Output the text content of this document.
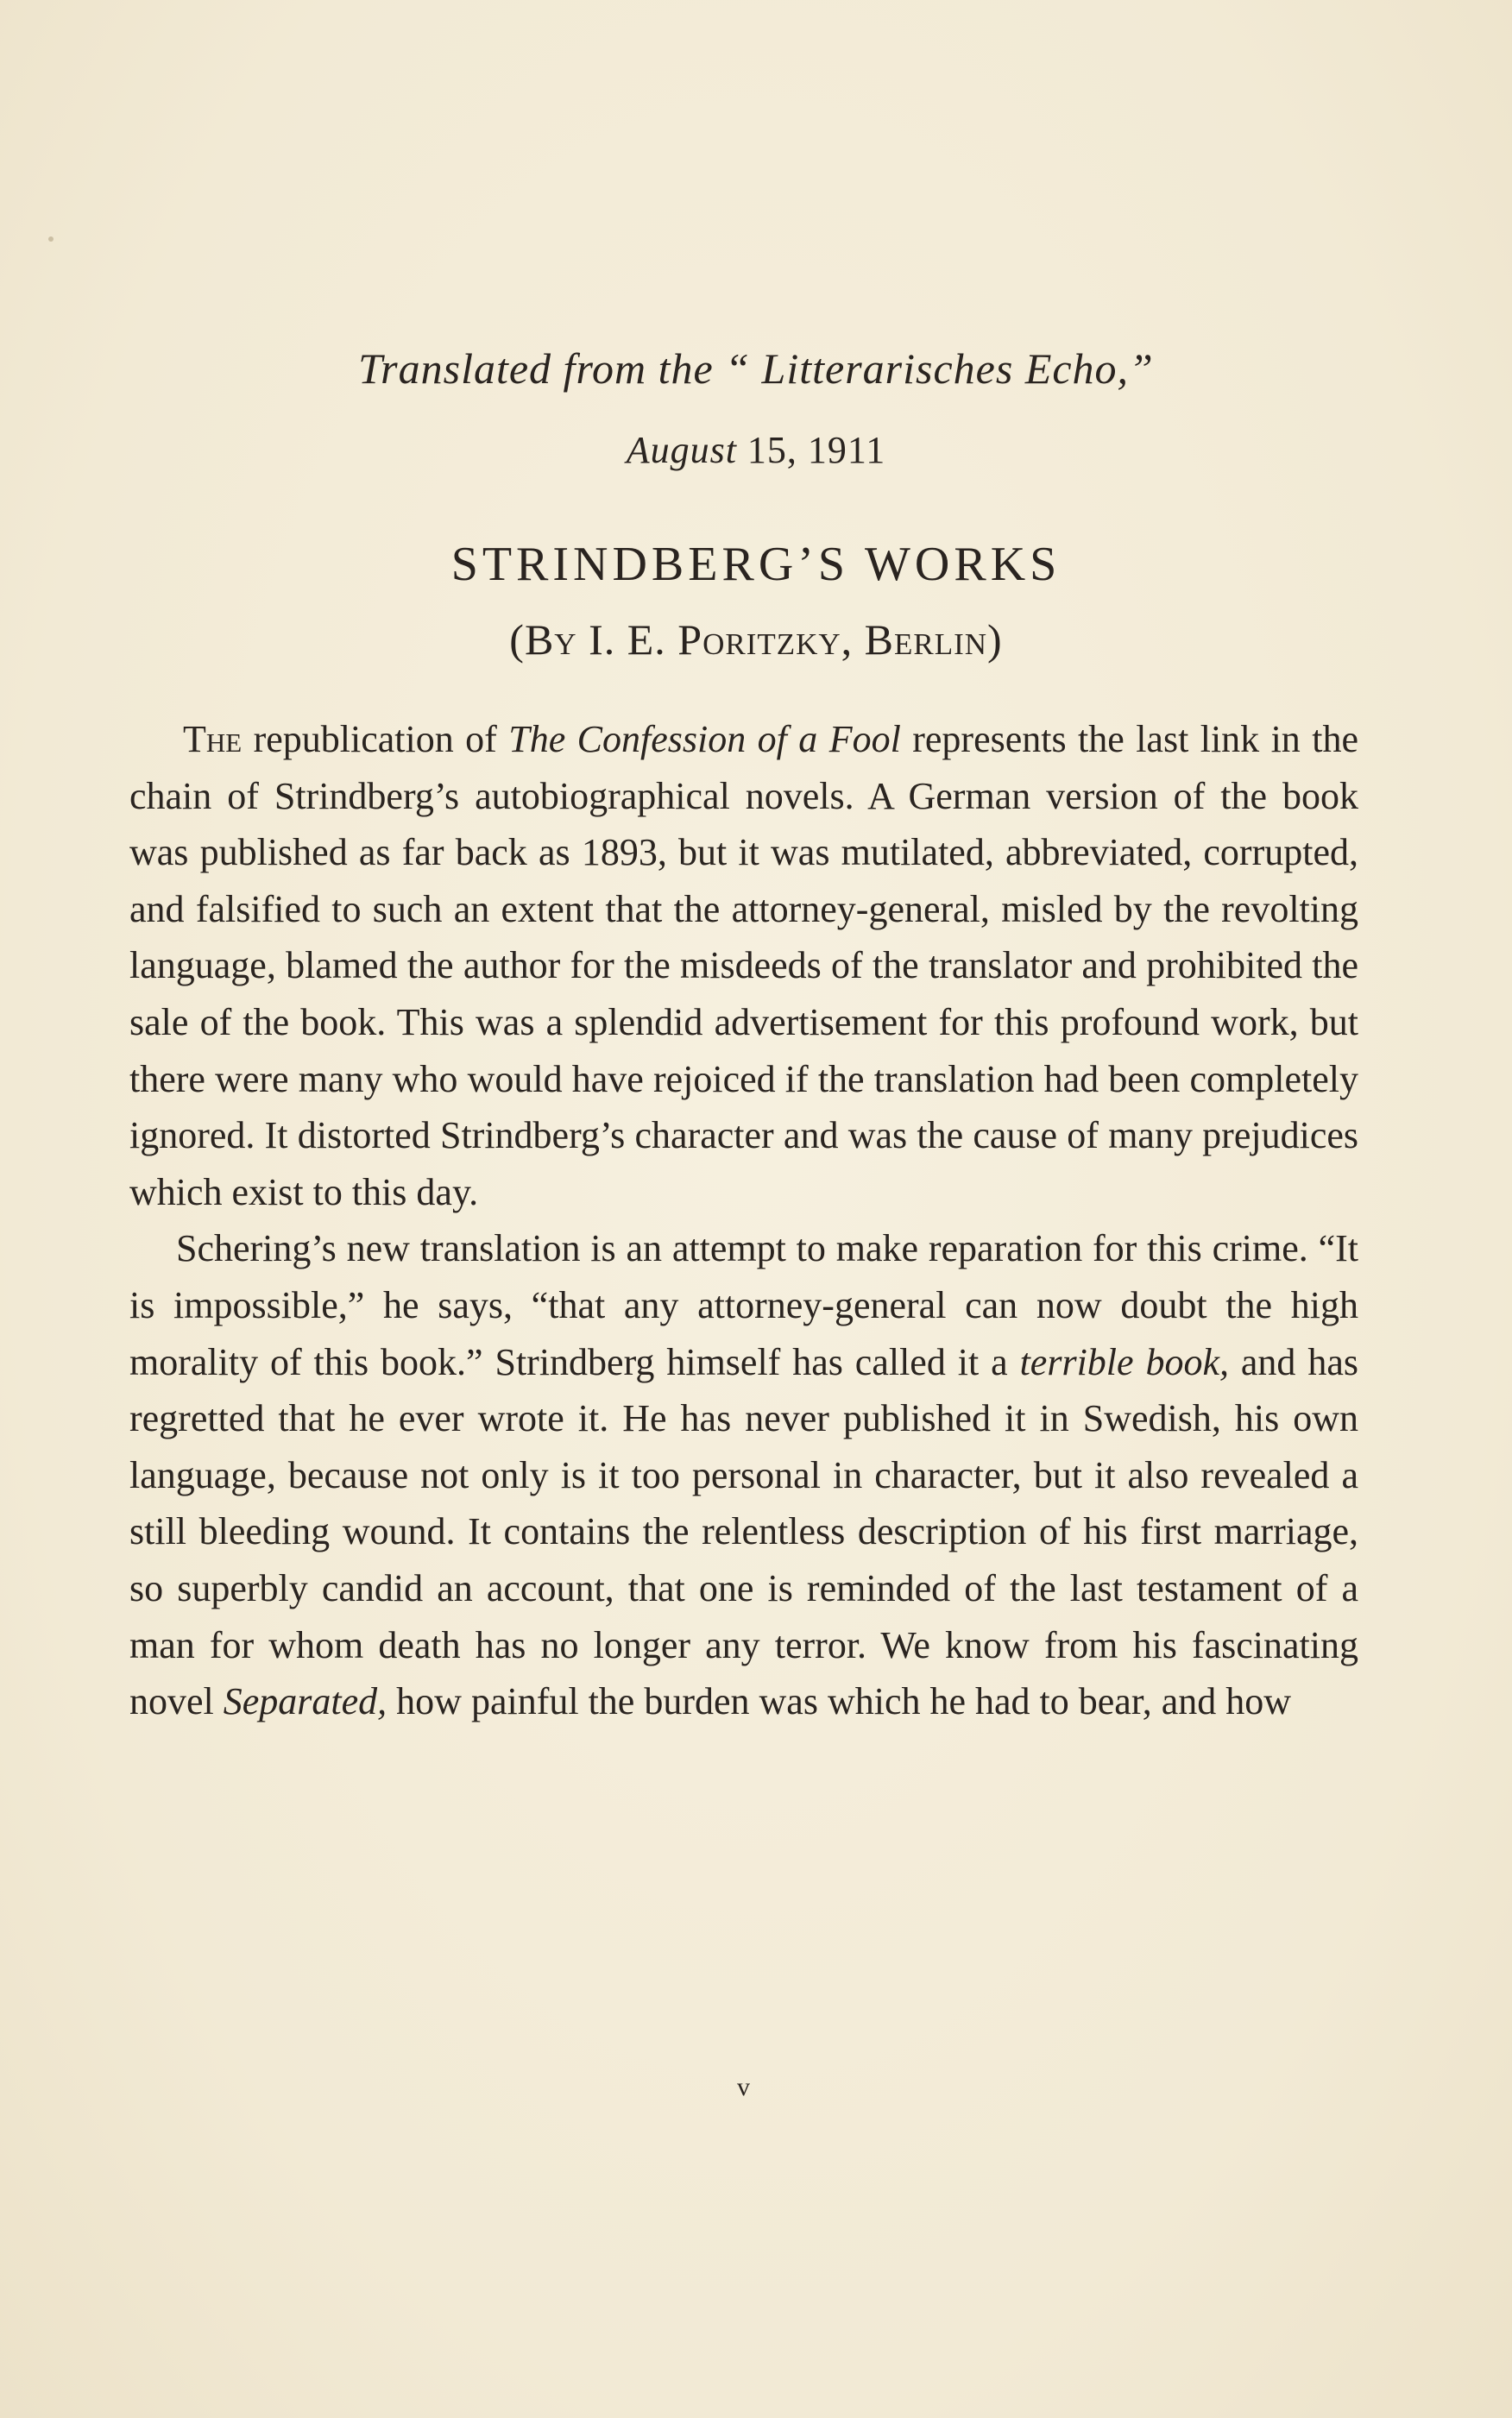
Translated from the “ Litterarisches Echo,”
August 15, 1911
STRINDBERG’S WORKS
(By I. E. Poritzky, Berlin)

The republication of The Confession of a Fool represents the last link in the chain of Strindberg’s autobiographical novels. A German version of the book was published as far back as 1893, but it was mutilated, abbreviated, corrupted, and falsified to such an extent that the attorney-general, misled by the revolting language, blamed the author for the misdeeds of the translator and prohibited the sale of the book. This was a splendid advertisement for this profound work, but there were many who would have rejoiced if the translation had been completely ignored. It distorted Strindberg’s character and was the cause of many prejudices which exist to this day.

Schering’s new translation is an attempt to make reparation for this crime. “It is impossible,” he says, “that any attorney-general can now doubt the high morality of this book.” Strindberg himself has called it a terrible book, and has regretted that he ever wrote it. He has never published it in Swedish, his own language, because not only is it too personal in character, but it also revealed a still bleeding wound. It contains the relentless description of his first marriage, so superbly candid an account, that one is reminded of the last testament of a man for whom death has no longer any terror. We know from his fascinating novel Separated, how painful the burden was which he had to bear, and how

v
